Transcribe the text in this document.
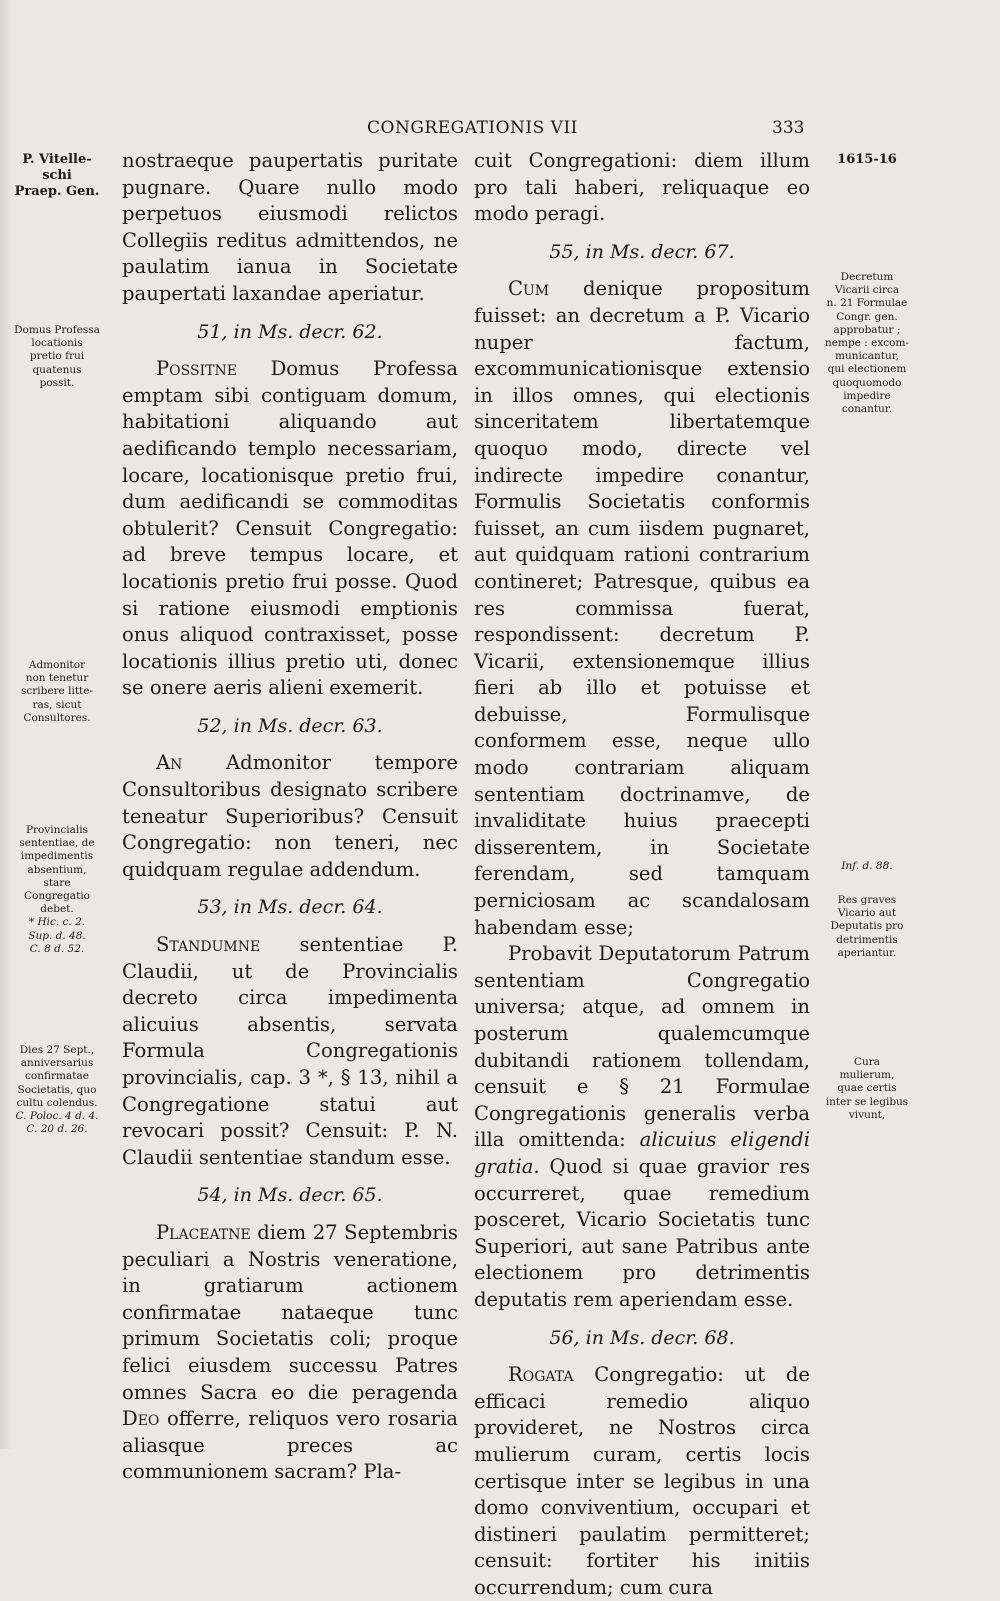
CONGREGATIONIS VII	333
P. Vitelle-
schi
Praep. Gen.
Domus Professa
locationis
pretio frui
quatenus
possit.
Admonitor
non tenetur
scribere litte-
ras, sicut
Consultores.
Provincialis
sententiae, de
impedimentis
absentium,
stare
Congregatio
debet.
* Hic. c. 2.
Sup. d. 48.
C. 8 d. 52.
Dies 27 Sept.,
anniversarius
confirmatae
Societatis, quo
cultu colendus.
C. Poloc. 4 d. 4.
C. 20 d. 26.
1615-16
Decretum
Vicarii circa
n. 21 Formulae
Congr. gen.
approbatur ;
nempe : excom-
municantur,
qui electionem
quoquomodo
impedire
conantur.
Inf. d. 88.
Res graves
Vicario aut
Deputatis pro
detrimentis
aperiantur.
Cura
mulierum,
quae certis
inter se legibus
vivunt,

nostraeque paupertatis puritate pugnare. Quare nullo modo perpetuos eiusmodi relictos Collegiis reditus admittendos, ne paulatim ianua in Societate paupertati laxandae aperiatur.

51, in Ms. decr. 62.

Possitne Domus Professa emptam sibi contiguam domum, habitationi aliquando aut aedificando templo necessariam, locare, locationisque pretio frui, dum aedificandi se commoditas obtulerit? Censuit Congregatio: ad breve tempus locare, et locationis pretio frui posse. Quod si ratione eiusmodi emptionis onus aliquod contraxisset, posse locationis illius pretio uti, donec se onere aeris alieni exemerit.

52, in Ms. decr. 63.

An Admonitor tempore Consultoribus designato scribere teneatur Superioribus? Censuit Congregatio: non teneri, nec quidquam regulae addendum.

53, in Ms. decr. 64.

Standumne sententiae P. Claudii, ut de Provincialis decreto circa impedimenta alicuius absentis, servata Formula Congregationis provincialis, cap. 3 *, § 13, nihil a Congregatione statui aut revocari possit? Censuit: P. N. Claudii sententiae standum esse.

54, in Ms. decr. 65.

Placeatne diem 27 Septembris peculiari a Nostris veneratione, in gratiarum actionem confirmatae nataeque tunc primum Societatis coli; proque felici eiusdem successu Patres omnes Sacra eo die peragenda Deo offerre, reliquos vero rosaria aliasque preces ac communionem sacram? Pla-

cuit Congregationi: diem illum pro tali haberi, reliquaque eo modo peragi.

55, in Ms. decr. 67.

Cum denique propositum fuisset: an decretum a P. Vicario nuper factum, excommunicationisque extensio in illos omnes, qui electionis sinceritatem libertatemque quoquo modo, directe vel indirecte impedire conantur, Formulis Societatis conformis fuisset, an cum iisdem pugnaret, aut quidquam rationi contrarium contineret; Patresque, quibus ea res commissa fuerat, respondissent: decretum P. Vicarii, extensionemque illius fieri ab illo et potuisse et debuisse, Formulisque conformem esse, neque ullo modo contrariam aliquam sententiam doctrinamve, de invaliditate huius praecepti disserentem, in Societate ferendam, sed tamquam perniciosam ac scandalosam habendam esse;

Probavit Deputatorum Patrum sententiam Congregatio universa; atque, ad omnem in posterum qualemcumque dubitandi rationem tollendam, censuit e § 21 Formulae Congregationis generalis verba illa omittenda: alicuius eligendi gratia. Quod si quae gravior res occurreret, quae remedium posceret, Vicario Societatis tunc Superiori, aut sane Patribus ante electionem pro detrimentis deputatis rem aperiendam esse.

56, in Ms. decr. 68.

Rogata Congregatio: ut de efficaci remedio aliquo provideret, ne Nostros circa mulierum curam, certis locis certisque inter se legibus in una domo conviventium, occupari et distineri paulatim permitteret; censuit: fortiter his initiis occurrendum; cum cura
